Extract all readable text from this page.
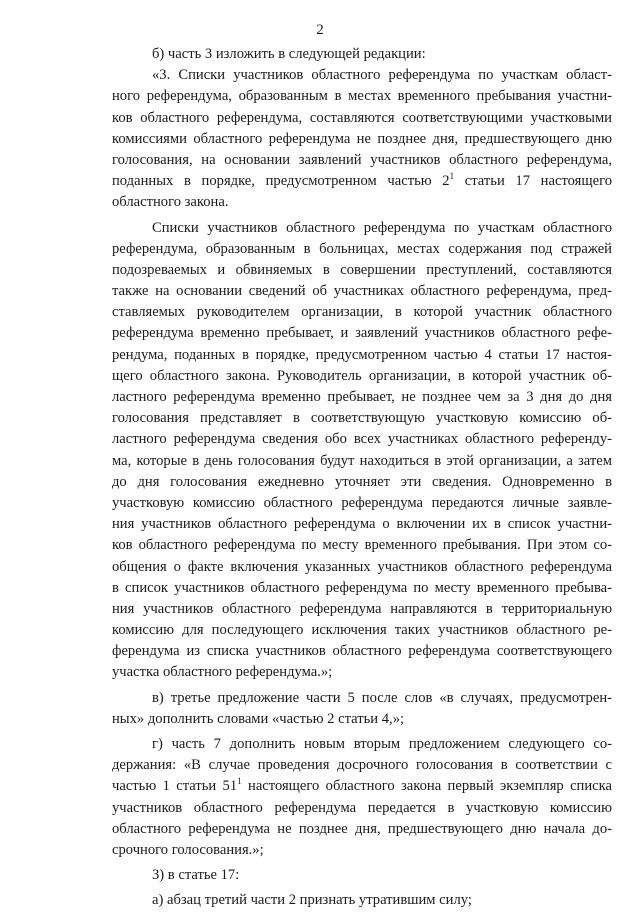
2
б) часть 3 изложить в следующей редакции:
«3. Списки участников областного референдума по участкам област-
ного референдума, образованным в местах временного пребывания участни-
ков областного референдума, составляются соответствующими участковыми
комиссиями областного референдума не позднее дня, предшествующего дню
голосования, на основании заявлений участников областного референдума,
поданных в порядке, предусмотренном частью $2^1$ статьи 17 настоящего
областного закона.
Списки участников областного референдума по участкам областного
референдума, образованным в больницах, местах содержания под стражей
подозреваемых и обвиняемых в совершении преступлений, составляются
также на основании сведений об участниках областного референдума, пред-
ставляемых руководителем организации, в которой участник областного
референдума временно пребывает, и заявлений участников областного рефе-
рендума, поданных в порядке, предусмотренном частью 4 статьи 17 настоя-
щего областного закона. Руководитель организации, в которой участник об-
ластного референдума временно пребывает, не позднее чем за 3 дня до дня
голосования представляет в соответствующую участковую комиссию об-
ластного референдума сведения обо всех участниках областного референду-
ма, которые в день голосования будут находиться в этой организации, а затем
до дня голосования ежедневно уточняет эти сведения. Одновременно в
участковую комиссию областного референдума передаются личные заявле-
ния участников областного референдума о включении их в список участни-
ков областного референдума по месту временного пребывания. При этом со-
общения о факте включения указанных участников областного референдума
в список участников областного референдума по месту временного пребыва-
ния участников областного референдума направляются в территориальную
комиссию для последующего исключения таких участников областного ре-
ферендума из списка участников областного референдума соответствующего
участка областного референдума.»;
в) третье предложение части 5 после слов «в случаях, предусмотрен-
ных» дополнить словами «частью 2 статьи 4,»;
г) часть 7 дополнить новым вторым предложением следующего со-
держания: «В случае проведения досрочного голосования в соответствии с
частью 1 статьи $51^1$ настоящего областного закона первый экземпляр списка
участников областного референдума передается в участковую комиссию
областного референдума не позднее дня, предшествующего дню начала до-
срочного голосования.»;
3) в статье 17:
а) абзац третий части 2 признать утратившим силу;
